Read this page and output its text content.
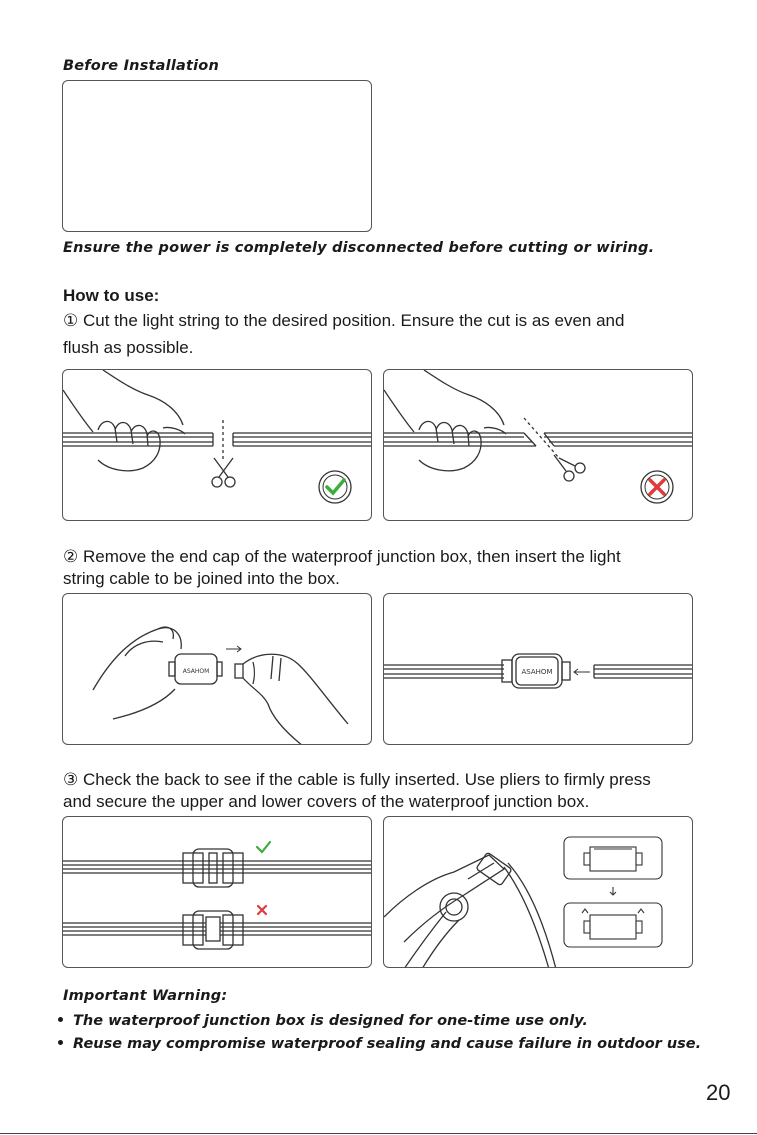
Before Installation
Ensure the power is completely disconnected before cutting or wiring.
How to use:
① Cut the light string to the desired position. Ensure the cut is as even and
flush as possible.
② Remove the end cap of the waterproof junction box, then insert the light
string cable to be joined into the box.
ASAHOM	ASAHOM
③ Check the back to see if the cable is fully inserted. Use pliers to firmly press
and secure the upper and lower covers of the waterproof junction box.
Important Warning:
The waterproof junction box is designed for one-time use only.
Reuse may compromise waterproof sealing and cause failure in outdoor use.
20
